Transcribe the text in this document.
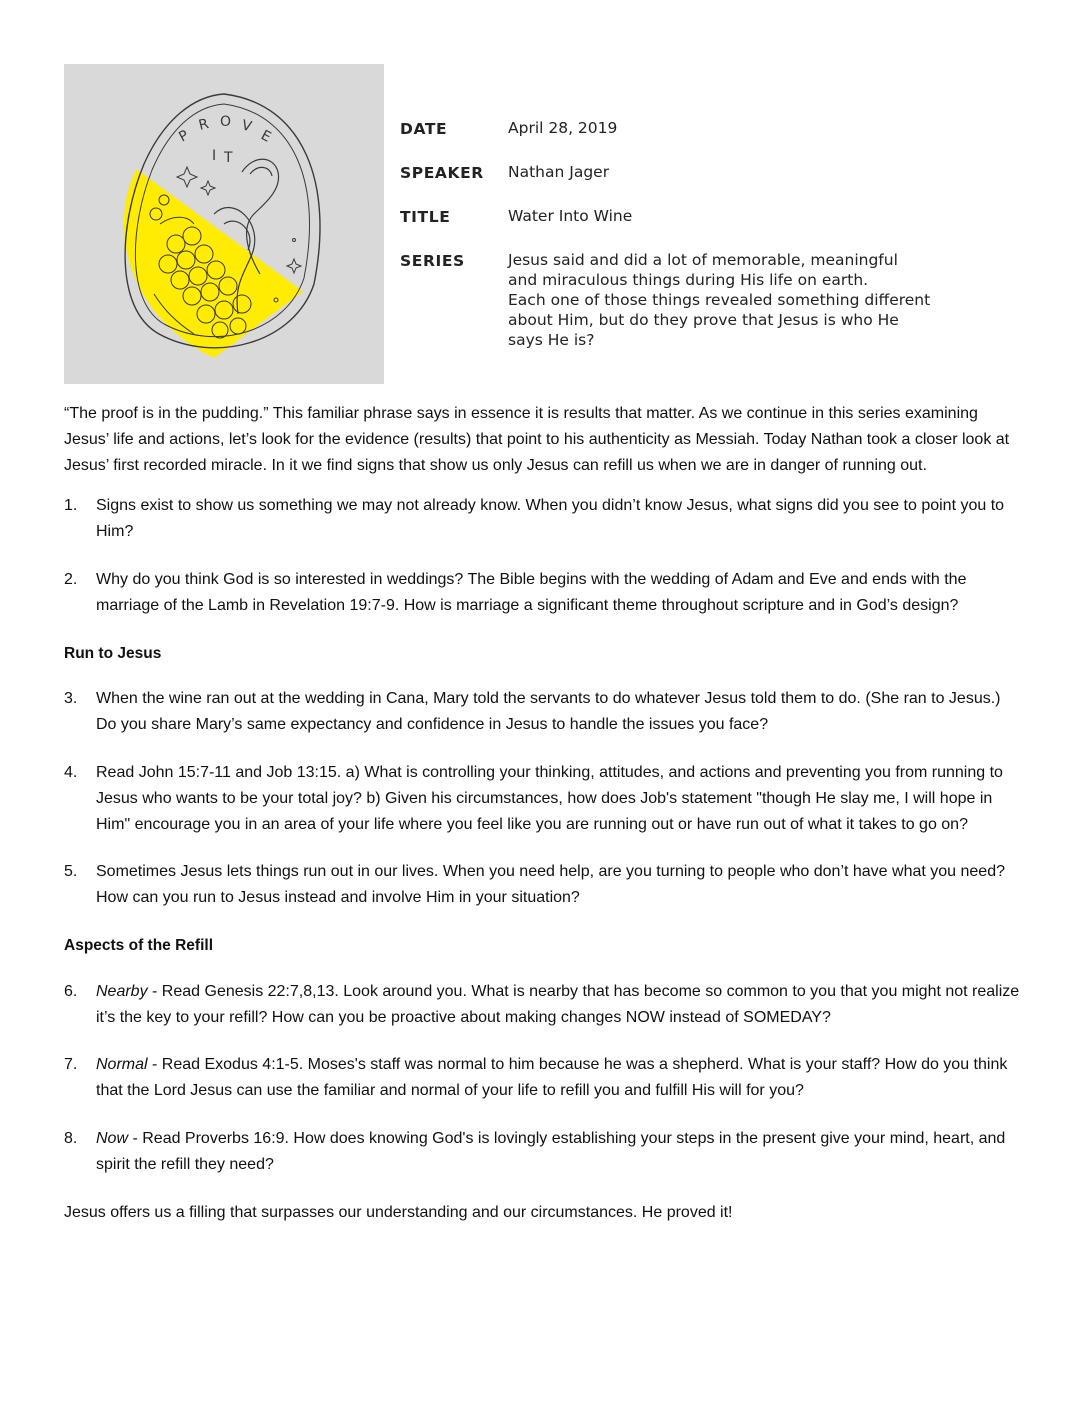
P
R O V
E
I T
DATE	April 28, 2019
SPEAKER	Nathan Jager
TITLE	Water Into Wine
SERIES	Jesus said and did a lot of memorable, meaningful
and miraculous things during His life on earth.
Each one of those things revealed something different
about Him, but do they prove that Jesus is who He
says He is?

“The proof is in the pudding.” This familiar phrase says in essence it is results that matter. As we continue in this series examining Jesus’ life and actions, let’s look for the evidence (results) that point to his authenticity as Messiah. Today Nathan took a closer look at Jesus’ first recorded miracle. In it we find signs that show us only Jesus can refill us when we are in danger of running out.

1.	Signs exist to show us something we may not already know. When you didn’t know Jesus, what signs did you see to point you to Him?
2.	Why do you think God is so interested in weddings? The Bible begins with the wedding of Adam and Eve and ends with the marriage of the Lamb in Revelation 19:7-9. How is marriage a significant theme throughout scripture and in God’s design?

Run to Jesus

3.	When the wine ran out at the wedding in Cana, Mary told the servants to do whatever Jesus told them to do. (She ran to Jesus.) Do you share Mary’s same expectancy and confidence in Jesus to handle the issues you face?
4.	Read John 15:7-11 and Job 13:15. a) What is controlling your thinking, attitudes, and actions and preventing you from running to Jesus who wants to be your total joy? b) Given his circumstances, how does Job's statement "though He slay me, I will hope in Him" encourage you in an area of your life where you feel like you are running out or have run out of what it takes to go on?
5.	Sometimes Jesus lets things run out in our lives. When you need help, are you turning to people who don’t have what you need? How can you run to Jesus instead and involve Him in your situation?

Aspects of the Refill

6.	Nearby - Read Genesis 22:7,8,13. Look around you. What is nearby that has become so common to you that you might not realize it’s the key to your refill? How can you be proactive about making changes NOW instead of SOMEDAY?
7.	Normal - Read Exodus 4:1-5. Moses's staff was normal to him because he was a shepherd. What is your staff? How do you think that the Lord Jesus can use the familiar and normal of your life to refill you and fulfill His will for you?
8.	Now - Read Proverbs 16:9. How does knowing God's is lovingly establishing your steps in the present give your mind, heart, and spirit the refill they need?

Jesus offers us a filling that surpasses our understanding and our circumstances. He proved it!
